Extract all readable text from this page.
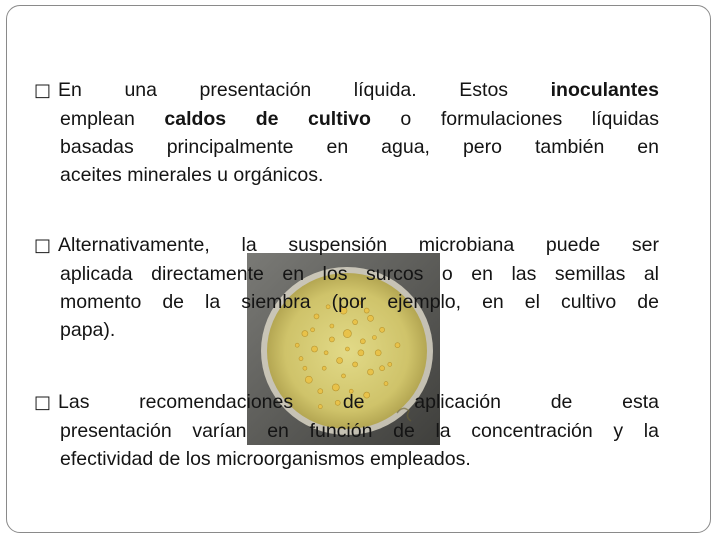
□ En una presentación líquida. Estos inoculantes
emplean caldos de cultivo o formulaciones líquidas
basadas principalmente en agua, pero también en
aceites minerales u orgánicos.
□ Alternativamente, la suspensión microbiana puede ser
aplicada directamente en los surcos o en las semillas al
momento de la siembra (por ejemplo, en el cultivo de
papa).
□ Las recomendaciones de aplicación de esta
presentación varían en función de la concentración y la
efectividad de los microorganismos empleados.
